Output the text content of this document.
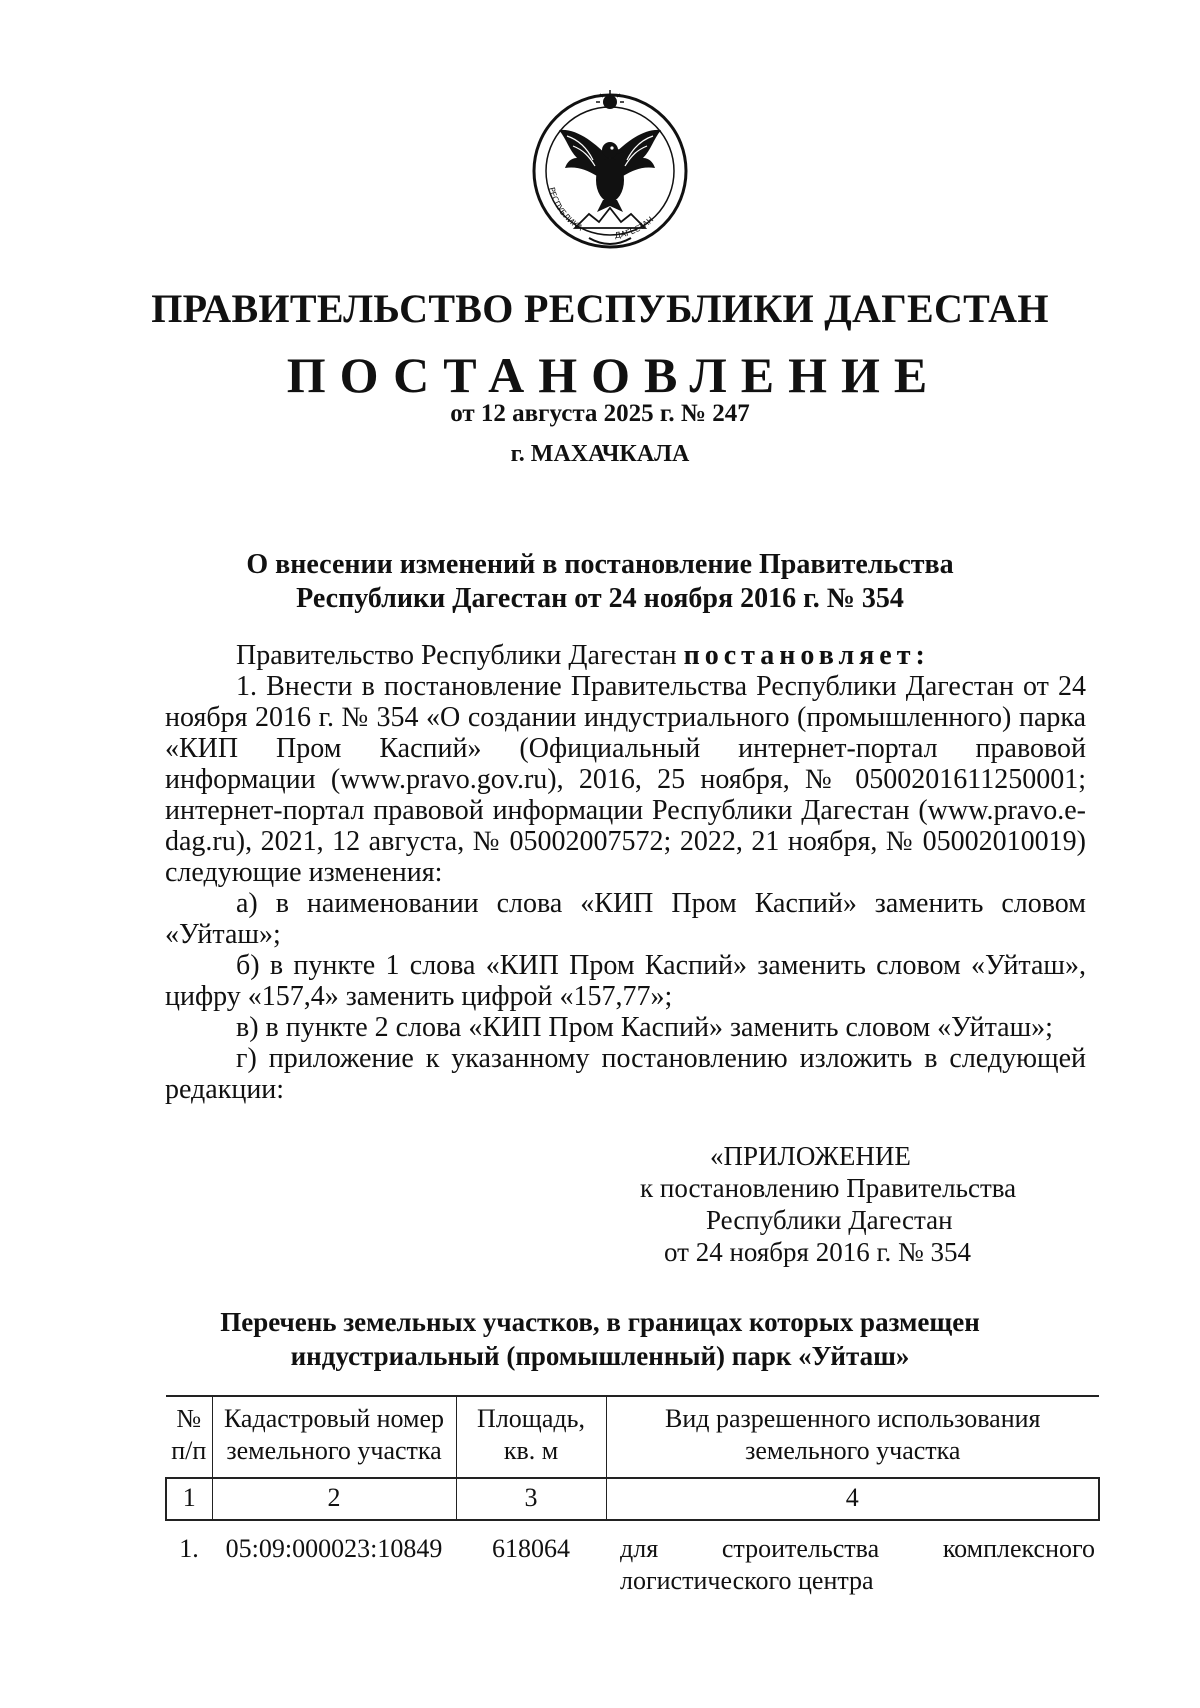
РЕСПУБЛИКА
ДАГЕСТАН
ПРАВИТЕЛЬСТВО РЕСПУБЛИКИ ДАГЕСТАН
ПОСТАНОВЛЕНИЕ
от 12 августа 2025 г. № 247
г. МАХАЧКАЛА
О внесении изменений в постановление Правительства
Республики Дагестан от 24 ноября 2016 г. № 354

Правительство Республики Дагестан постановляет:

1. Внести в постановление Правительства Республики Дагестан от 24 ноября 2016 г. № 354 «О создании индустриального (промышленного) парка «КИП Пром Каспий» (Официальный интернет-портал правовой информации (www.pravo.gov.ru), 2016, 25 ноября, № 0500201611250001; интернет-портал правовой информации Республики Дагестан (www.pravo.e-dag.ru), 2021, 12 августа, № 05002007572; 2022, 21 ноября, № 05002010019) следующие изменения:

а) в наименовании слова «КИП Пром Каспий» заменить словом «Уйташ»;

б) в пункте 1 слова «КИП Пром Каспий» заменить словом «Уйташ», цифру «157,4» заменить цифрой «157,77»;

в) в пункте 2 слова «КИП Пром Каспий» заменить словом «Уйташ»;

г) приложение к указанному постановлению изложить в следующей редакции:

«ПРИЛОЖЕНИЕ
к постановлению Правительства
Республики Дагестан
от 24 ноября 2016 г. № 354
Перечень земельных участков, в границах которых размещен
индустриальный (промышленный) парк «Уйташ»
№ п/п	Кадастровый номер земельного участка	Площадь, кв. м	Вид разрешенного использования земельного участка
1	2	3	4
1.	05:09:000023:10849	618064	для строительства комплексного логистического центра
